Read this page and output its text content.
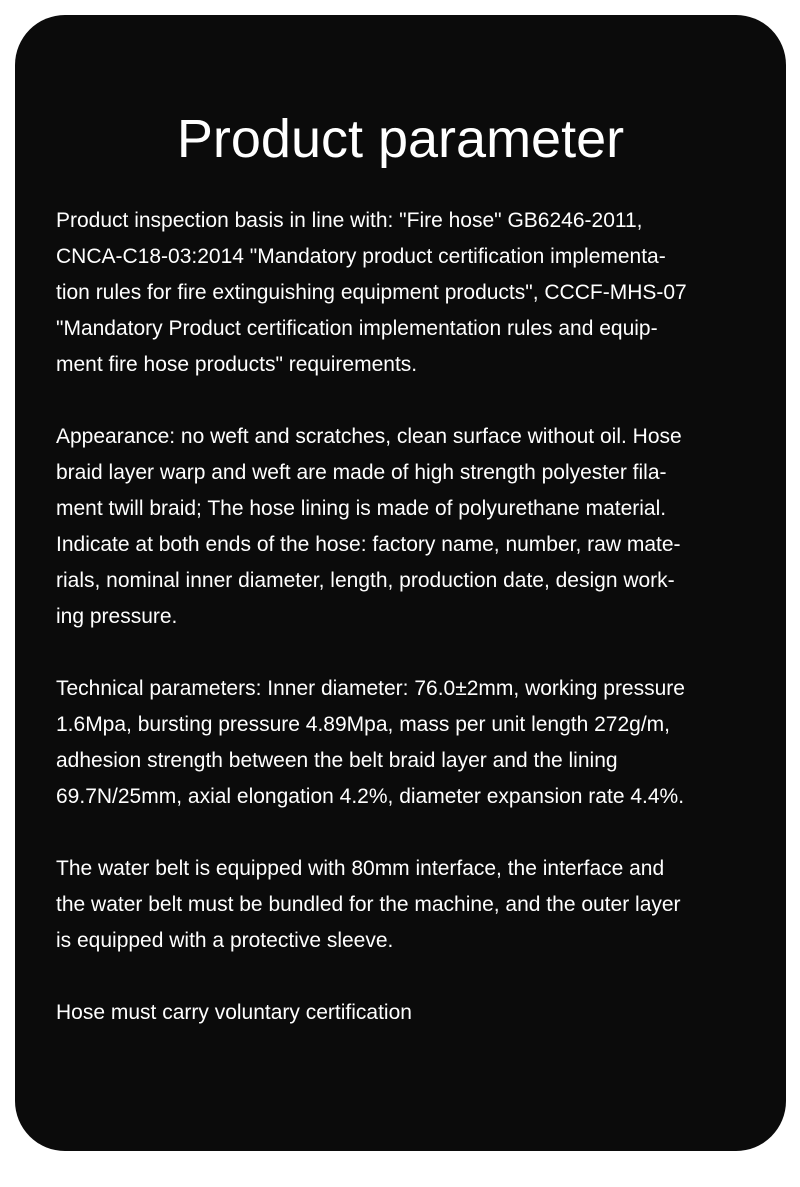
Product parameter

Product inspection basis in line with: "Fire hose" GB6246-2011,
CNCA-C18-03:2014 "Mandatory product certification implementa-
tion rules for fire extinguishing equipment products", CCCF-MHS-07
"Mandatory Product certification implementation rules and equip-
ment fire hose products" requirements.

Appearance: no weft and scratches, clean surface without oil. Hose
braid layer warp and weft are made of high strength polyester fila-
ment twill braid; The hose lining is made of polyurethane material.
Indicate at both ends of the hose: factory name, number, raw mate-
rials, nominal inner diameter, length, production date, design work-
ing pressure.

Technical parameters: Inner diameter: 76.0±2mm, working pressure
1.6Mpa, bursting pressure 4.89Mpa, mass per unit length 272g/m,
adhesion strength between the belt braid layer and the lining
69.7N/25mm, axial elongation 4.2%, diameter expansion rate 4.4%.

The water belt is equipped with 80mm interface, the interface and
the water belt must be bundled for the machine, and the outer layer
is equipped with a protective sleeve.

Hose must carry voluntary certification
